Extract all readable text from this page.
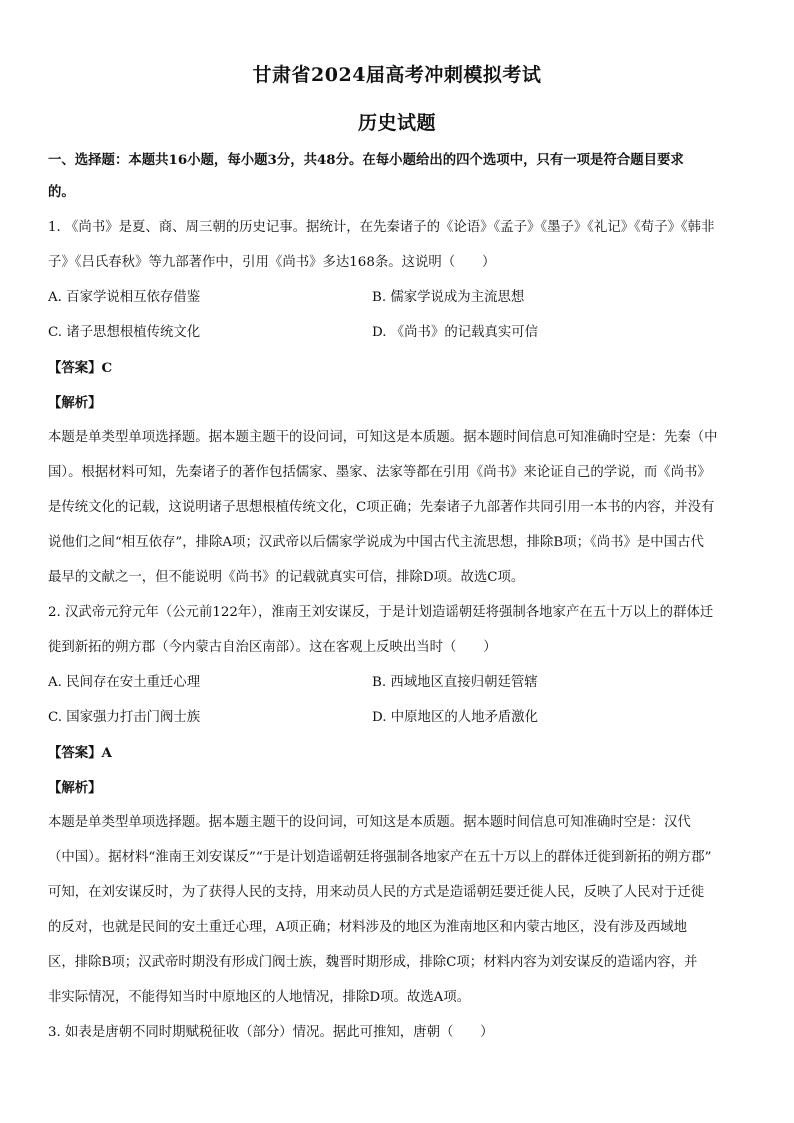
甘肃省2024届高考冲刺模拟考试
历史试题
一、选择题：本题共16小题，每小题3分，共48分。在每小题给出的四个选项中，只有一项是符合题目要求
的。
1. 《尚书》是夏、商、周三朝的历史记事。据统计，在先秦诸子的《论语》《孟子》《墨子》《礼记》《荀子》《韩非
子》《吕氏春秋》等九部著作中，引用《尚书》多达168条。这说明（　　）
A. 百家学说相互依存借鉴	B. 儒家学说成为主流思想
C. 诸子思想根植传统文化	D. 《尚书》的记载真实可信
【答案】C
【解析】
本题是单类型单项选择题。据本题主题干的设问词，可知这是本质题。据本题时间信息可知准确时空是：先秦（中
国）。根据材料可知，先秦诸子的著作包括儒家、墨家、法家等都在引用《尚书》来论证自己的学说，而《尚书》
是传统文化的记载，这说明诸子思想根植传统文化，C项正确；先秦诸子九部著作共同引用一本书的内容，并没有
说他们之间“相互依存”，排除A项；汉武帝以后儒家学说成为中国古代主流思想，排除B项；《尚书》是中国古代
最早的文献之一，但不能说明《尚书》的记载就真实可信，排除D项。故选C项。
2. 汉武帝元狩元年（公元前122年），淮南王刘安谋反，于是计划造谣朝廷将强制各地家产在五十万以上的群体迁
徙到新拓的朔方郡（今内蒙古自治区南部）。这在客观上反映出当时（　　）
A. 民间存在安土重迁心理	B. 西域地区直接归朝廷管辖
C. 国家强力打击门阀士族	D. 中原地区的人地矛盾激化
【答案】A
【解析】
本题是单类型单项选择题。据本题主题干的设问词，可知这是本质题。据本题时间信息可知准确时空是：汉代
（中国）。据材料“淮南王刘安谋反”“于是计划造谣朝廷将强制各地家产在五十万以上的群体迁徙到新拓的朔方郡”
可知，在刘安谋反时，为了获得人民的支持，用来动员人民的方式是造谣朝廷要迁徙人民，反映了人民对于迁徙
的反对，也就是民间的安土重迁心理，A项正确；材料涉及的地区为淮南地区和内蒙古地区，没有涉及西域地
区，排除B项；汉武帝时期没有形成门阀士族，魏晋时期形成，排除C项；材料内容为刘安谋反的造谣内容，并
非实际情况，不能得知当时中原地区的人地情况，排除D项。故选A项。
3. 如表是唐朝不同时期赋税征收（部分）情况。据此可推知，唐朝（　　）
